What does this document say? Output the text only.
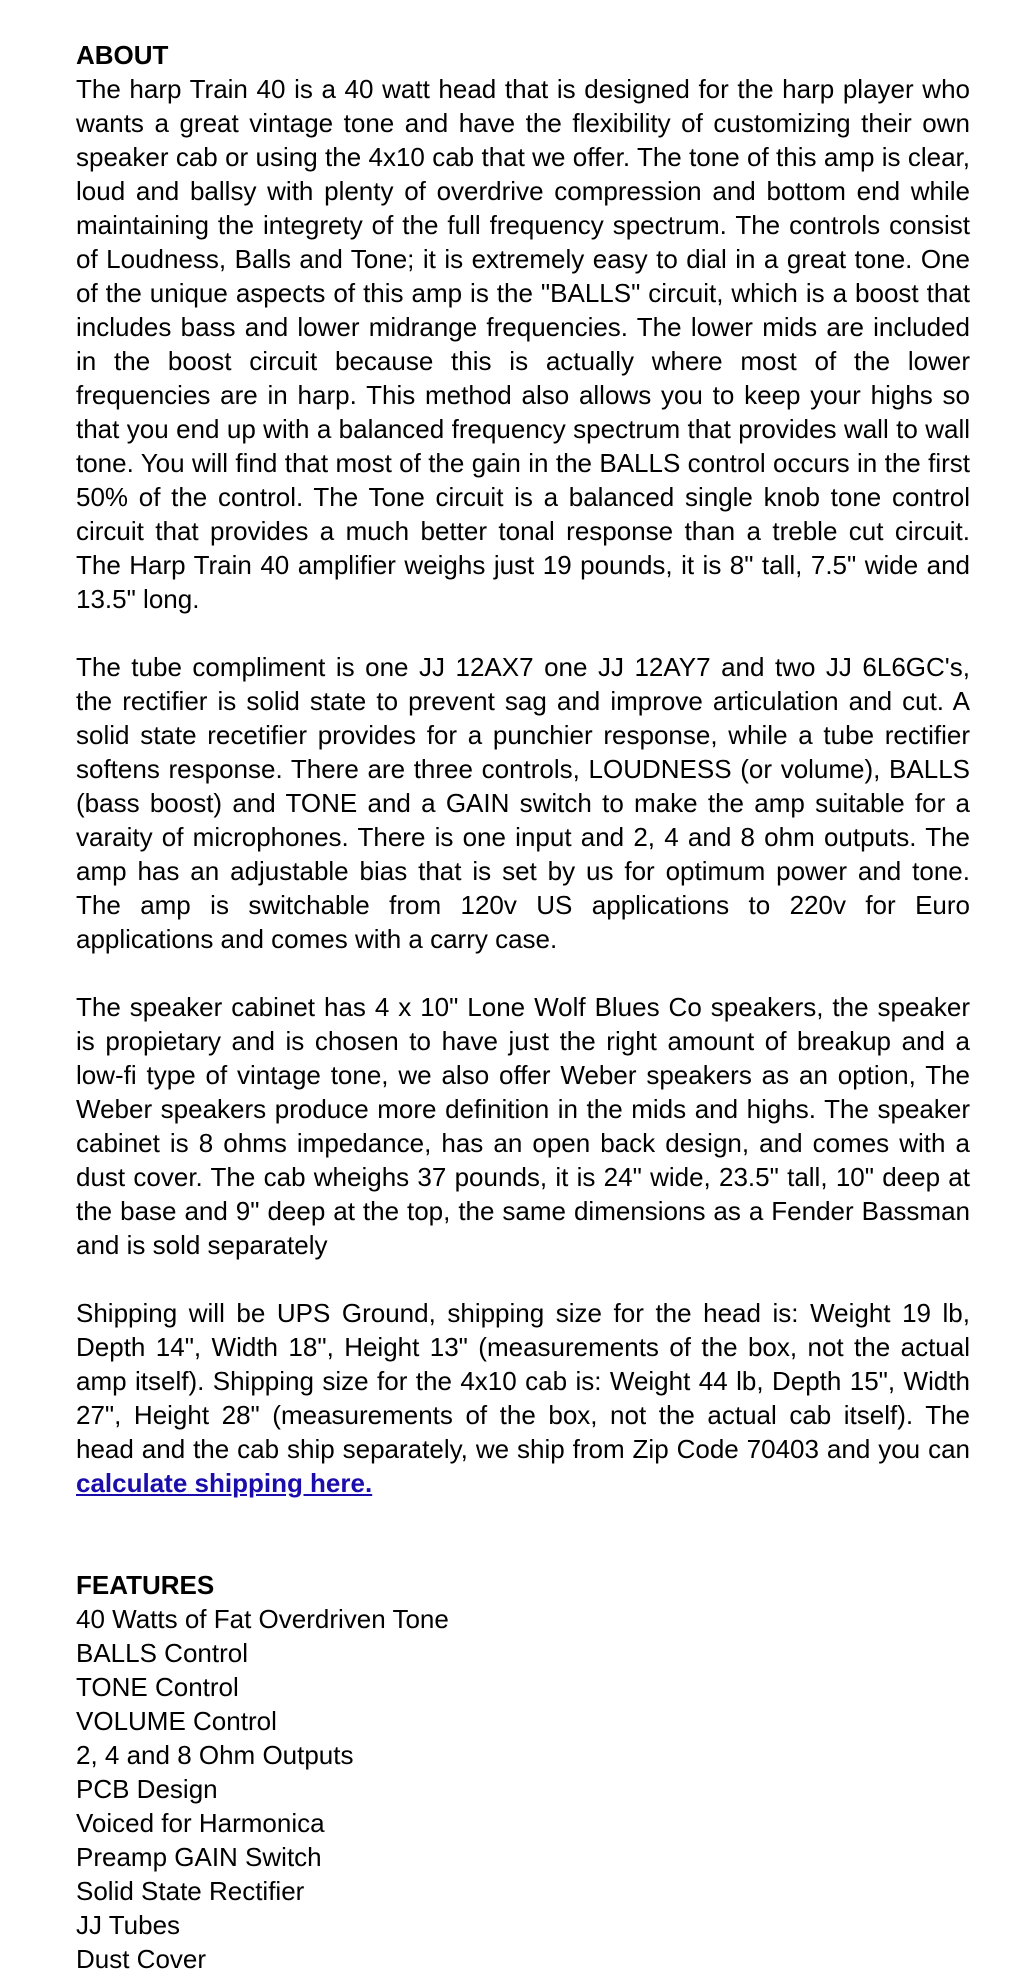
ABOUT

The harp Train 40 is a 40 watt head that is designed for the harp player who wants a great vintage tone and have the flexibility of customizing their own speaker cab or using the 4x10 cab that we offer. The tone of this amp is clear, loud and ballsy with plenty of overdrive compression and bottom end while maintaining the integrety of the full frequency spectrum. The controls consist of Loudness, Balls and Tone; it is extremely easy to dial in a great tone. One of the unique aspects of this amp is the "BALLS" circuit, which is a boost that includes bass and lower midrange frequencies. The lower mids are included in the boost circuit because this is actually where most of the lower frequencies are in harp. This method also allows you to keep your highs so that you end up with a balanced frequency spectrum that provides wall to wall tone. You will find that most of the gain in the BALLS control occurs in the first 50% of the control. The Tone circuit is a balanced single knob tone control circuit that provides a much better tonal response than a treble cut circuit. The Harp Train 40 amplifier weighs just 19 pounds, it is 8" tall, 7.5" wide and 13.5" long.

The tube compliment is one JJ 12AX7 one JJ 12AY7 and two JJ 6L6GC's, the rectifier is solid state to prevent sag and improve articulation and cut. A solid state recetifier provides for a punchier response, while a tube rectifier softens response. There are three controls, LOUDNESS (or volume), BALLS (bass boost) and TONE and a GAIN switch to make the amp suitable for a varaity of microphones. There is one input and 2, 4 and 8 ohm outputs. The amp has an adjustable bias that is set by us for optimum power and tone. The amp is switchable from 120v US applications to 220v for Euro applications and comes with a carry case.

The speaker cabinet has 4 x 10" Lone Wolf Blues Co speakers, the speaker is propietary and is chosen to have just the right amount of breakup and a low-fi type of vintage tone, we also offer Weber speakers as an option, The Weber speakers produce more definition in the mids and highs. The speaker cabinet is 8 ohms impedance, has an open back design, and comes with a dust cover. The cab wheighs 37 pounds, it is 24" wide, 23.5" tall, 10" deep at the base and 9" deep at the top, the same dimensions as a Fender Bassman and is sold separately

Shipping will be UPS Ground, shipping size for the head is: Weight 19 lb, Depth 14", Width 18", Height 13" (measurements of the box, not the actual amp itself). Shipping size for the 4x10 cab is: Weight 44 lb, Depth 15", Width 27", Height 28" (measurements of the box, not the actual cab itself). The head and the cab ship separately, we ship from Zip Code 70403 and you can calculate shipping here.

FEATURES
40 Watts of Fat Overdriven Tone
BALLS Control
TONE Control
VOLUME Control
2, 4 and 8 Ohm Outputs
PCB Design
Voiced for Harmonica
Preamp GAIN Switch
Solid State Rectifier
JJ Tubes
Dust Cover
